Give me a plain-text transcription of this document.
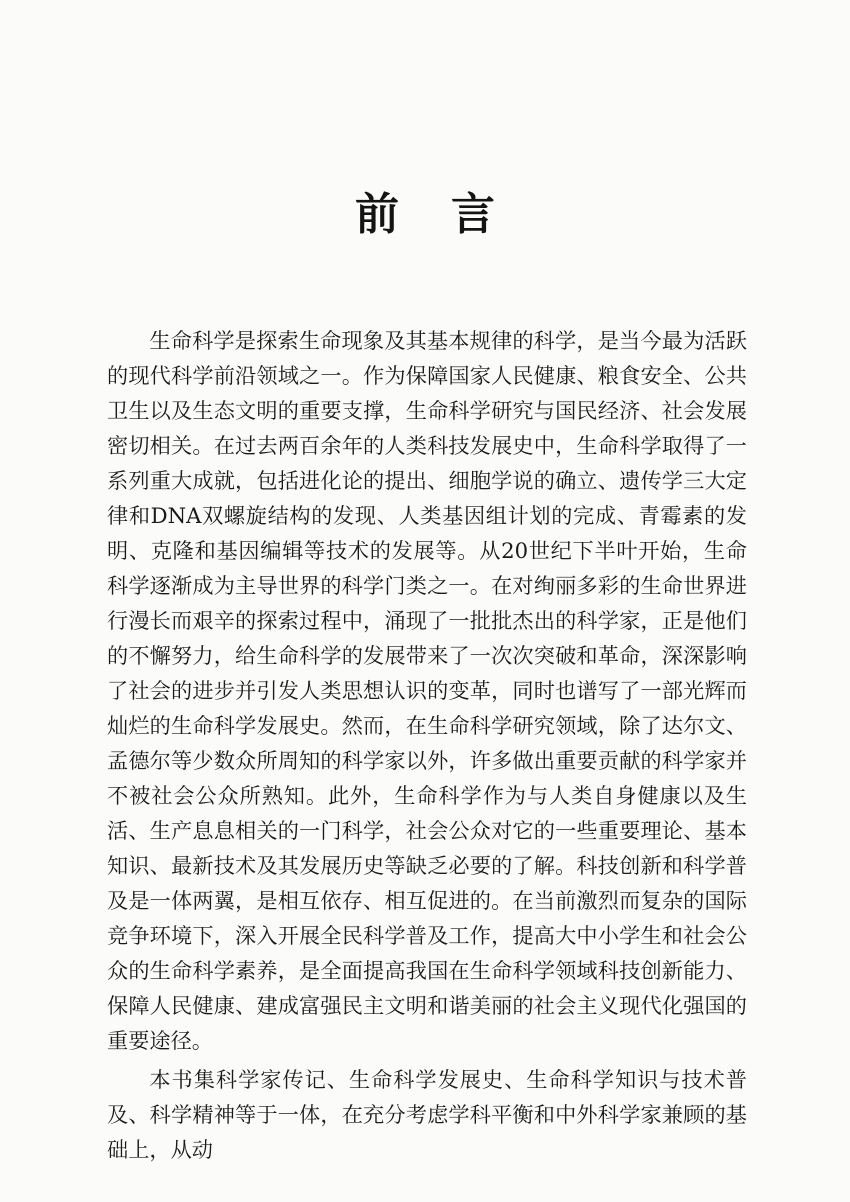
前 言

生命科学是探索生命现象及其基本规律的科学，是当今最为活跃的现代科学前沿领域之一。作为保障国家人民健康、粮食安全、公共卫生以及生态文明的重要支撑，生命科学研究与国民经济、社会发展密切相关。在过去两百余年的人类科技发展史中，生命科学取得了一系列重大成就，包括进化论的提出、细胞学说的确立、遗传学三大定律和DNA双螺旋结构的发现、人类基因组计划的完成、青霉素的发明、克隆和基因编辑等技术的发展等。从20世纪下半叶开始，生命科学逐渐成为主导世界的科学门类之一。在对绚丽多彩的生命世界进行漫长而艰辛的探索过程中，涌现了一批批杰出的科学家，正是他们的不懈努力，给生命科学的发展带来了一次次突破和革命，深深影响了社会的进步并引发人类思想认识的变革，同时也谱写了一部光辉而灿烂的生命科学发展史。然而，在生命科学研究领域，除了达尔文、孟德尔等少数众所周知的科学家以外，许多做出重要贡献的科学家并不被社会公众所熟知。此外，生命科学作为与人类自身健康以及生活、生产息息相关的一门科学，社会公众对它的一些重要理论、基本知识、最新技术及其发展历史等缺乏必要的了解。科技创新和科学普及是一体两翼，是相互依存、相互促进的。在当前激烈而复杂的国际竞争环境下，深入开展全民科学普及工作，提高大中小学生和社会公众的生命科学素养，是全面提高我国在生命科学领域科技创新能力、保障人民健康、建成富强民主文明和谐美丽的社会主义现代化强国的重要途径。

本书集科学家传记、生命科学发展史、生命科学知识与技术普及、科学精神等于一体，在充分考虑学科平衡和中外科学家兼顾的基础上，从动
